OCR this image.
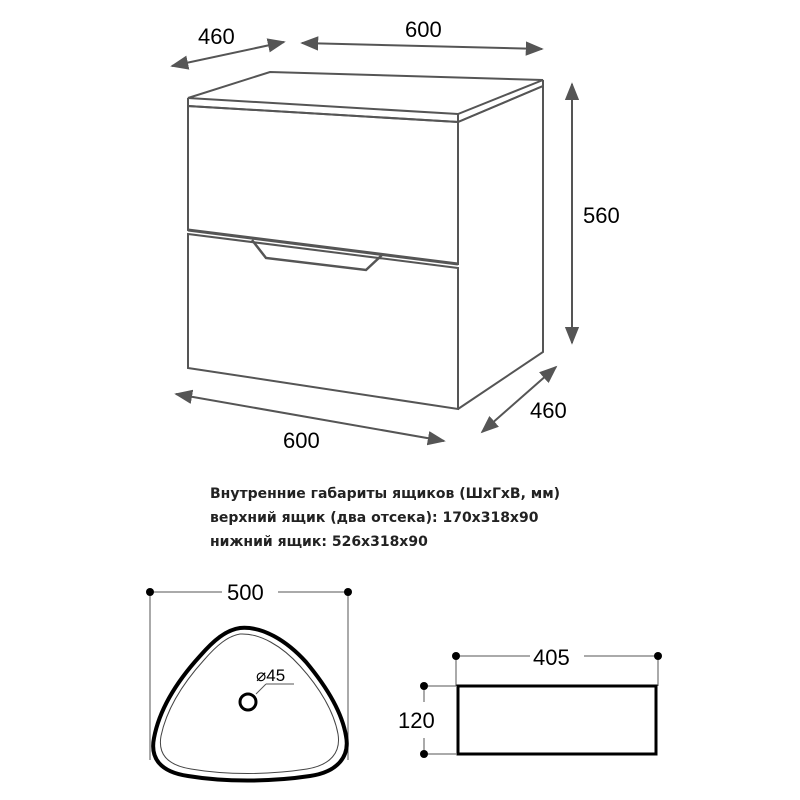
460	600
560
600
460
500
⌀45
405
120
Внутренние габариты ящиков (ШхГхВ, мм)
верхний ящик (два отсека): 170х318х90
нижний ящик: 526х318х90
